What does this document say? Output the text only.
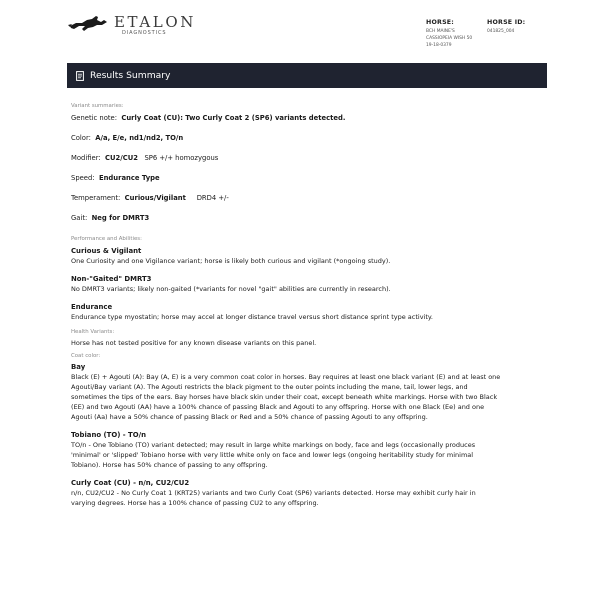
ETALON
DIAGNOSTICS
HORSE:
BCH MAINE'S
CASSIOPEIA WISH 50
19-18-0379
HORSE ID:
041825_004
Results Summary
Variant summaries:
Genetic note: Curly Coat (CU): Two Curly Coat 2 (SP6) variants detected.
Color: A/a, E/e, nd1/nd2, TO/n
Modifier: CU2/CU2 SP6 +/+ homozygous
Speed: Endurance Type
Temperament: Curious/Vigilant DRD4 +/-
Gait: Neg for DMRT3
Performance and Abilities:
Curious & Vigilant
One Curiosity and one Vigilance variant; horse is likely both curious and vigilant (*ongoing study).
Non-"Gaited" DMRT3
No DMRT3 variants; likely non-gaited (*variants for novel "gait" abilities are currently in research).
Endurance
Endurance type myostatin; horse may accel at longer distance travel versus short distance sprint type activity.
Health Variants:
Horse has not tested positive for any known disease variants on this panel.
Coat color:
Bay
Black (E) + Agouti (A): Bay (A, E) is a very common coat color in horses. Bay requires at least one black variant (E) and at least one
Agouti/Bay variant (A). The Agouti restricts the black pigment to the outer points including the mane, tail, lower legs, and
sometimes the tips of the ears. Bay horses have black skin under their coat, except beneath white markings. Horse with two Black
(EE) and two Agouti (AA) have a 100% chance of passing Black and Agouti to any offspring. Horse with one Black (Ee) and one
Agouti (Aa) have a 50% chance of passing Black or Red and a 50% chance of passing Agouti to any offspring.
Tobiano (TO) - TO/n
TO/n - One Tobiano (TO) variant detected; may result in large white markings on body, face and legs (occasionally produces
'minimal' or 'slipped' Tobiano horse with very little white only on face and lower legs (ongoing heritability study for minimal
Tobiano). Horse has 50% chance of passing to any offspring.
Curly Coat (CU) - n/n, CU2/CU2
n/n, CU2/CU2 - No Curly Coat 1 (KRT25) variants and two Curly Coat (SP6) variants detected. Horse may exhibit curly hair in
varying degrees. Horse has a 100% chance of passing CU2 to any offspring.
